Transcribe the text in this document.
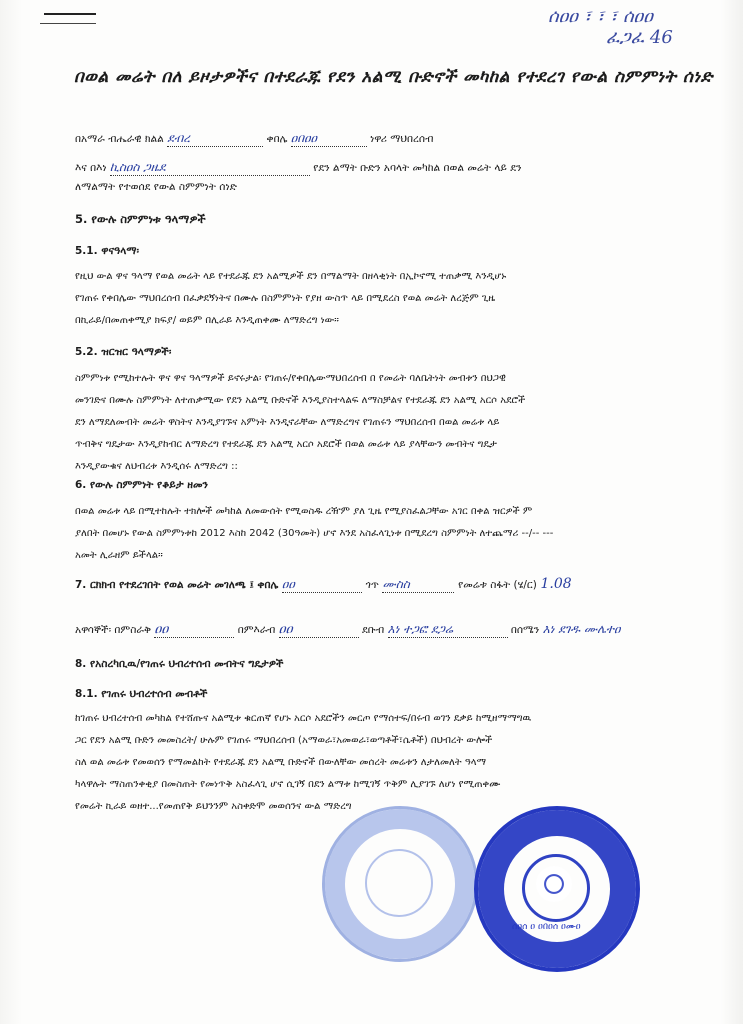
ሰዐዐ ፣ ፣ ፣ ሰዐዐ
ፈጋፈ 46
በወል መሬት በለ ይዞታዎችና በተደራጁ የደን አልሚ ቡድኖች መካከል የተደረገ የውል ስምምነት ሰነድ
በአማራ ብሔራዊ ክልል ደብረ	ቀበሌ ዐበዐዐ	ነዋሪ ማህበረሰብ
እና በእነ ኪስዐስ ጋዜደ	የደን ልማት ቡድን አባላት መካከል በወል መሬት ላይ ደን
ለማልማት የተወሰደ የውል ስምምነት ሰነድ
5. የውሉ ስምምነቱ ዓላማዎች
5.1. ዋናዓላማ፡
የዚህ ውል ዋና ዓላማ የወል መሬት ላይ የተደራጁ ደን አልሚዎች ደን በማልማት በዘላቂነት በኢኮኖሚ ተጠቃሚ እንዲሆኑ
የገጠሩ የቀበሌው ማህበረሰብ በፈቃደኝነትና በሙሉ በስምምነት የያዘ ውስጥ ላይ በሚደረስ የወል መሬት ለረጅም ጊዜ
በኪራይ/በመጠቀሚያ ክፍያ/ ወይም በሊራይ እንዲጠቀሙ ለማድረግ ነው።
5.2. ዝርዝር ዓላማዎች፡
ስምምነቱ የሚከተሉት ዋና ዋና ዓላማዎች ይኖሩታል፡ የገጠሩ/የቀበሌውማህበረሰብ በ የመሬት ባለቤትነት መብቱን በህጋዊ
መንገድና በሙሉ ስምምነት ለተጠቃሚው የደን አልሚ ቡድኖች እንዲያስተላልፍ ለማስቻልና የተደራጁ ደን አልሚ አርሶ አደሮች
ደን ለማደለመብት መሬት ዋስትና እንዲያገኙና አምነት እንዲኖራቸው ለማድረግና የገጠሩን ማህበረሰብ በወል መሬቱ ላይ
ጥብቅና ግዴታው እንዲያከብር ለማድረግ የተደራጁ ደን አልሚ አርሶ አደሮች በወል መሬቱ ላይ ያላቸውን መብትና ግዴታ
እንዲያውቁና ለህብረቱ እንዲሰሩ ለማድረግ ::
6. የውሉ ስምምነት የቆይታ ዘመን
በወል መሬቱ ላይ በሚተከሉት ተክሎች መካከል ለመውሰት የሚወስዱ ረዥም ያለ ጊዜ የሚያስፈልጋቸው አገር በቀል ዝርዎች ም
ያለበት በመሆኑ የውል ስምምነቱከ 2012 እስከ 2042 (30ዓመት) ሆኖ እንደ አስፈላጊነቱ በሚደረግ ስምምነት ለተጨማሪ --/-- ---
አመት ሊራዘም ይችላል።
7. ርክክብ የተደረገበት የወል መሬት መገለጫ ፤ ቀበሌ ዐዐ	ጎጥ ሙስስ	የመሬቱ ስፋት (ሄ/ር) 1.08
አዋሳኞች፡ በምስራቅ ዐዐ	በምእራብ ዐዐ	ደቡብ እነ ተጋፎ ደጋሬ	በሰሜን እነ ደገዱ ሙሌተዐ
8. የአስረካቢዉ/የገጠሩ ህብረተሰብ መብትና ግዴታዎች
8.1. የገጠሩ ህብረተሰብ መብቶች
ከገጠሩ ህብረተሰብ መካከል የተሸጡና አልሚቱ ቁርጠኛ የሆኑ አርሶ አደሮችን መርጦ የማሰተፍ/በሩብ ወገን ደቃይ ከሚዘማማግዉ
ጋር የደን አልሚ ቡድን መመስረት/ ሁሉም የገጠሩ ማህበረሰብ (አማወራ፣አመወራ፣ወጣቶች፣ሴቶች) በህብረት ውሎች
ስለ ወል መሬቱ የመወሰን የማመልከት የተደራጁ ደን አልሚ ቡድኖች በውለቸው መሰረት መሬቱን ለታለመለት ዓላማ
ካላዋሉት ማስጠንቀቂያ በመስጠት የመነጥቅ አስፈላጊ ሆኖ ሲገኝ በደን ልማቱ ከሚገኝ ጥቅም ሊያገኙ ለሆነ የሚጠቀሙ
የመሬት ኪራይ ወዘተ...የመጠየቅ ይህንንም አስቀድሞ መወሰንና ውል ማድረግ
ሰዐሰ ዐ ዐበዐሰ ዐሙዐ
